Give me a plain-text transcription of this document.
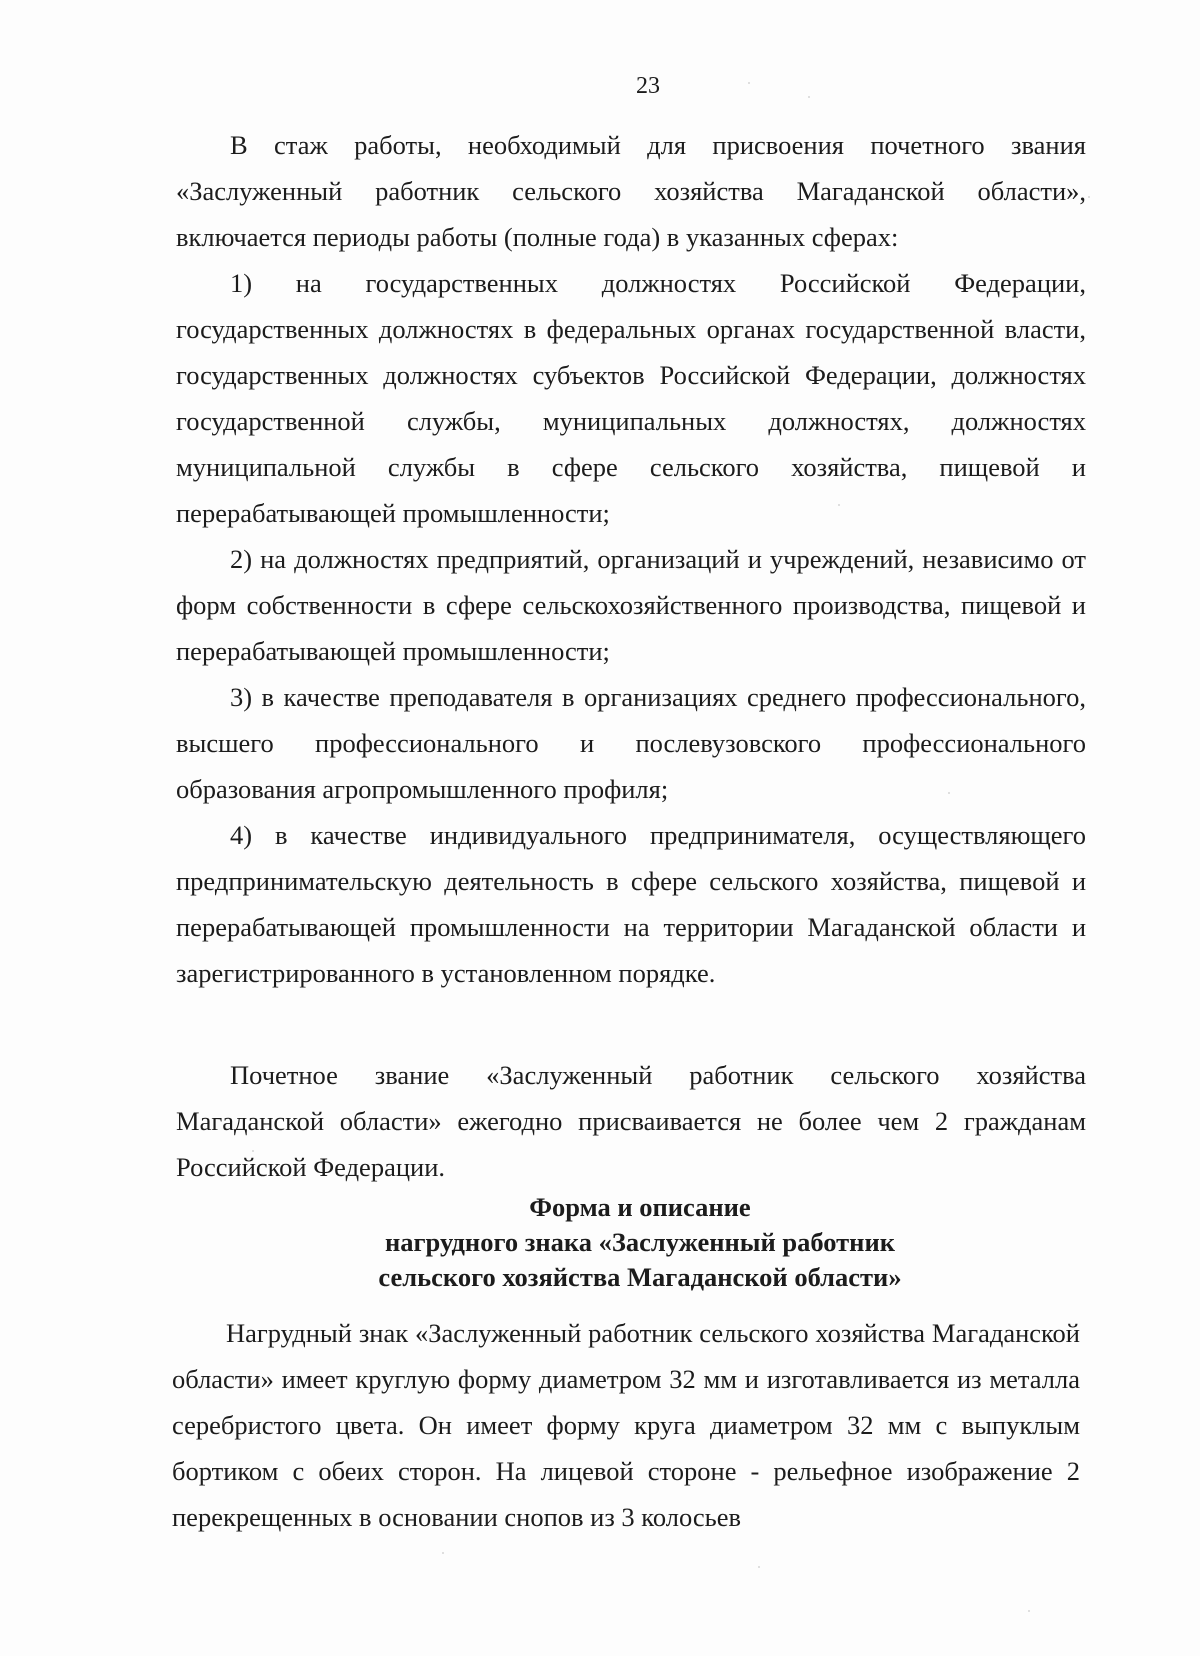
23

В стаж работы, необходимый для присвоения почетного звания «Заслуженный работник сельского хозяйства Магаданской области», включается периоды работы (полные года) в указанных сферах:

1) на государственных должностях Российской Федерации, государственных должностях в федеральных органах государственной власти, государственных должностях субъектов Российской Федерации, должностях государственной службы, муниципальных должностях, должностях муниципальной службы в сфере сельского хозяйства, пищевой и перерабатывающей промышленности;

2) на должностях предприятий, организаций и учреждений, независимо от форм собственности в сфере сельскохозяйственного производства, пищевой и перерабатывающей промышленности;

3) в качестве преподавателя в организациях среднего профессионального, высшего профессионального и послевузовского профессионального образования агропромышленного профиля;

4) в качестве индивидуального предпринимателя, осуществляющего предпринимательскую деятельность в сфере сельского хозяйства, пищевой и перерабатывающей промышленности на территории Магаданской области и зарегистрированного в установленном порядке.

Почетное звание «Заслуженный работник сельского хозяйства Магаданской области» ежегодно присваивается не более чем 2 гражданам Российской Федерации.

Форма и описание
нагрудного знака «Заслуженный работник
сельского хозяйства Магаданской области»

Нагрудный знак «Заслуженный работник сельского хозяйства Магаданской области» имеет круглую форму диаметром 32 мм и изготавливается из металла серебристого цвета. Он имеет форму круга диаметром 32 мм с выпуклым бортиком с обеих сторон. На лицевой стороне - рельефное изображение 2 перекрещенных в основании снопов из 3 колосьев
